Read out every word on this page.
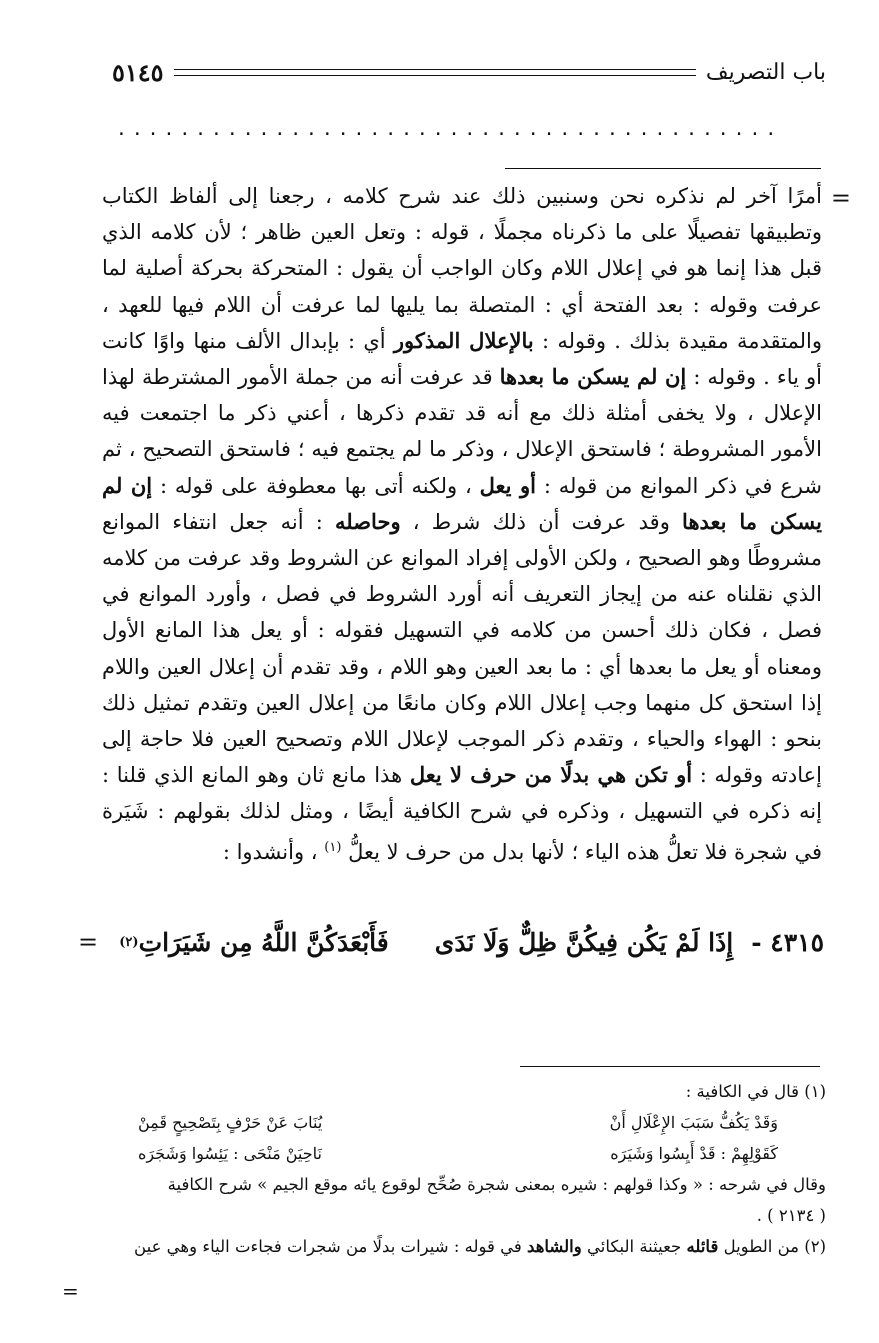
باب التصريف
٥١٤٥
..........................................
=

أمرًا آخر لم نذكره نحن وسنبين ذلك عند شرح كلامه ، رجعنا إلى ألفاظ الكتاب وتطبيقها تفصيلًا على ما ذكرناه مجملًا ، قوله : وتعل العين ظاهر ؛ لأن كلامه الذي قبل هذا إنما هو في إعلال اللام وكان الواجب أن يقول : المتحركة بحركة أصلية لما عرفت وقوله : بعد الفتحة أي : المتصلة بما يليها لما عرفت أن اللام فيها للعهد ، والمتقدمة مقيدة بذلك . وقوله : بالإعلال المذكور أي : بإبدال الألف منها واوًا كانت أو ياء . وقوله : إن لم يسكن ما بعدها قد عرفت أنه من جملة الأمور المشترطة لهذا الإعلال ، ولا يخفى أمثلة ذلك مع أنه قد تقدم ذكرها ، أعني ذكر ما اجتمعت فيه الأمور المشروطة ؛ فاستحق الإعلال ، وذكر ما لم يجتمع فيه ؛ فاستحق التصحيح ، ثم شرع في ذكر الموانع من قوله : أو يعل ، ولكنه أتى بها معطوفة على قوله : إن لم يسكن ما بعدها وقد عرفت أن ذلك شرط ، وحاصله : أنه جعل انتفاء الموانع مشروطًا وهو الصحيح ، ولكن الأولى إفراد الموانع عن الشروط وقد عرفت من كلامه الذي نقلناه عنه من إيجاز التعريف أنه أورد الشروط في فصل ، وأورد الموانع في فصل ، فكان ذلك أحسن من كلامه في التسهيل فقوله : أو يعل هذا المانع الأول ومعناه أو يعل ما بعدها أي : ما بعد العين وهو اللام ، وقد تقدم أن إعلال العين واللام إذا استحق كل منهما وجب إعلال اللام وكان مانعًا من إعلال العين وتقدم تمثيل ذلك بنحو : الهواء والحياء ، وتقدم ذكر الموجب لإعلال اللام وتصحيح العين فلا حاجة إلى إعادته وقوله : أو تكن هي بدلًا من حرف لا يعل هذا مانع ثان وهو المانع الذي قلنا : إنه ذكره في التسهيل ، وذكره في شرح الكافية أيضًا ، ومثل لذلك بقولهم : شَيَرة في شجرة فلا تعلُّ هذه الياء ؛ لأنها بدل من حرف لا يعلُّ $^{(١)}$ ، وأنشدوا :

٤٣١٥ -
إِذَا لَمْ يَكُن فِيكُنَّ ظِلٌّ وَلَا نَدَى
فَأَبْعَدَكُنَّ اللَّهُ مِن شَيَرَاتِ
(٢)
=
(١) قال في الكافية :
وَقَدْ يَكُفُّ سَبَبَ الإِعْلَالِ أَنْ
يُنَابَ عَنْ حَرْفٍ بِتَصْحِيحٍ قَمِنْ
كَقَوْلِهِمْ : قَدْ أَيِسُوا وَشَيَرَه
نَاحِيَنْ مَنْحَى : يَئِسُوا وَشَجَرَه
وقال في شرحه : « وكذا قولهم : شيره بمعنى شجرة صُحِّح لوقوع يائه موقع الجيم » شرح الكافية
( ٢١٣٤ ) .
(٢) من الطويل قائله جعيثنة البكائي والشاهد في قوله : شيرات بدلًا من شجرات فجاءت الياء وهي عين
=
